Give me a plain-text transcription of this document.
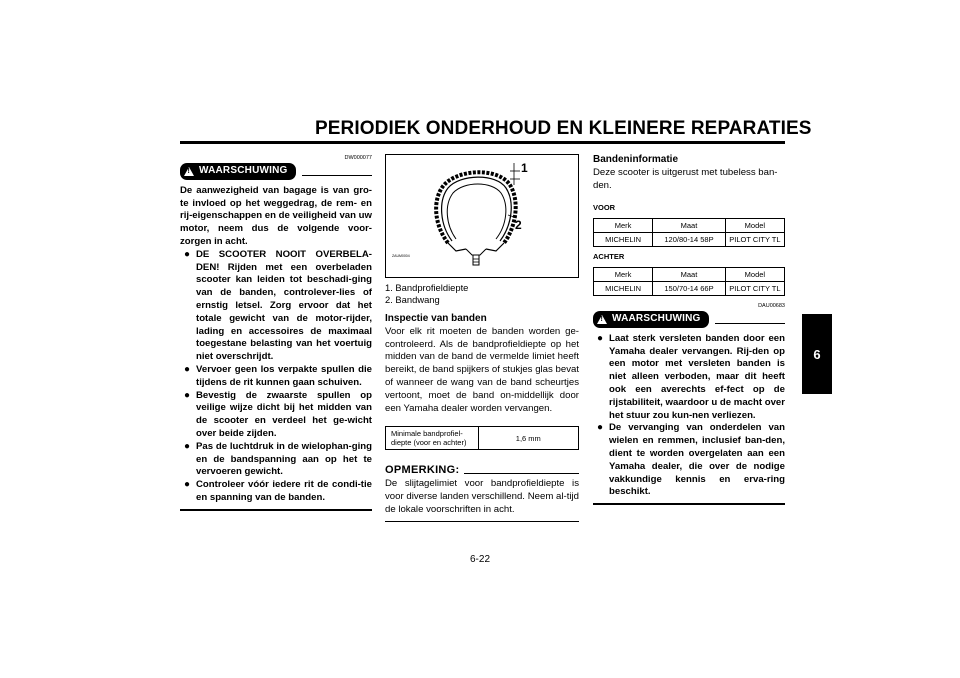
PERIODIEK ONDERHOUD EN KLEINERE REPARATIES
6
DW000077
! WAARSCHUWING
De aanwezigheid van bagage is van gro-te invloed op het weggedrag, de rem- en rij-eigenschappen en de veiligheid van uw motor, neem dus de volgende voor-zorgen in acht.
● DE SCOOTER NOOIT OVERBELA-DEN! Rijden met een overbeladen scooter kan leiden tot beschadi-ging van de banden, controlever-lies of ernstig letsel. Zorg ervoor dat het totale gewicht van de motor-rijder, lading en accessoires de maximaal toegestane belasting van het voertuig niet overschrijdt.
● Vervoer geen los verpakte spullen die tijdens de rit kunnen gaan schuiven.
● Bevestig de zwaarste spullen op veilige wijze dicht bij het midden van de scooter en verdeel het ge-wicht over beide zijden.
● Pas de luchtdruk in de wielophan-ging en de bandspanning aan op het te vervoeren gewicht.
● Controleer vóór iedere rit de condi-tie en spanning van de banden.
1
2
ZAUM0004
1. Bandprofieldiepte
2. Bandwang
Inspectie van banden
Voor elk rit moeten de banden worden ge-controleerd. Als de bandprofieldiepte op het midden van de band de vermelde limiet heeft bereikt, de band spijkers of stukjes glas bevat of wanneer de wang van de band scheurtjes vertoont, moet de band on-middellijk door een Yamaha dealer worden vervangen.
Minimale bandprofiel-diepte (voor en achter)	1,6 mm
OPMERKING:
De slijtagelimiet voor bandprofieldiepte is voor diverse landen verschillend. Neem al-tijd de lokale voorschriften in acht.
Bandeninformatie
Deze scooter is uitgerust met tubeless ban-den.
VOOR
Merk	Maat	Model
MICHELIN	120/80-14 58P	PILOT CITY TL
ACHTER
Merk	Maat	Model
MICHELIN	150/70-14 66P	PILOT CITY TL
DAU00683
! WAARSCHUWING
● Laat sterk versleten banden door een Yamaha dealer vervangen. Rij-den op een motor met versleten banden is niet alleen verboden, maar dit heeft ook een averechts ef-fect op de rijstabiliteit, waardoor u de macht over het stuur zou kun-nen verliezen.
● De vervanging van onderdelen van wielen en remmen, inclusief ban-den, dient te worden overgelaten aan een Yamaha dealer, die over de nodige vakkundige kennis en erva-ring beschikt.
6-22
